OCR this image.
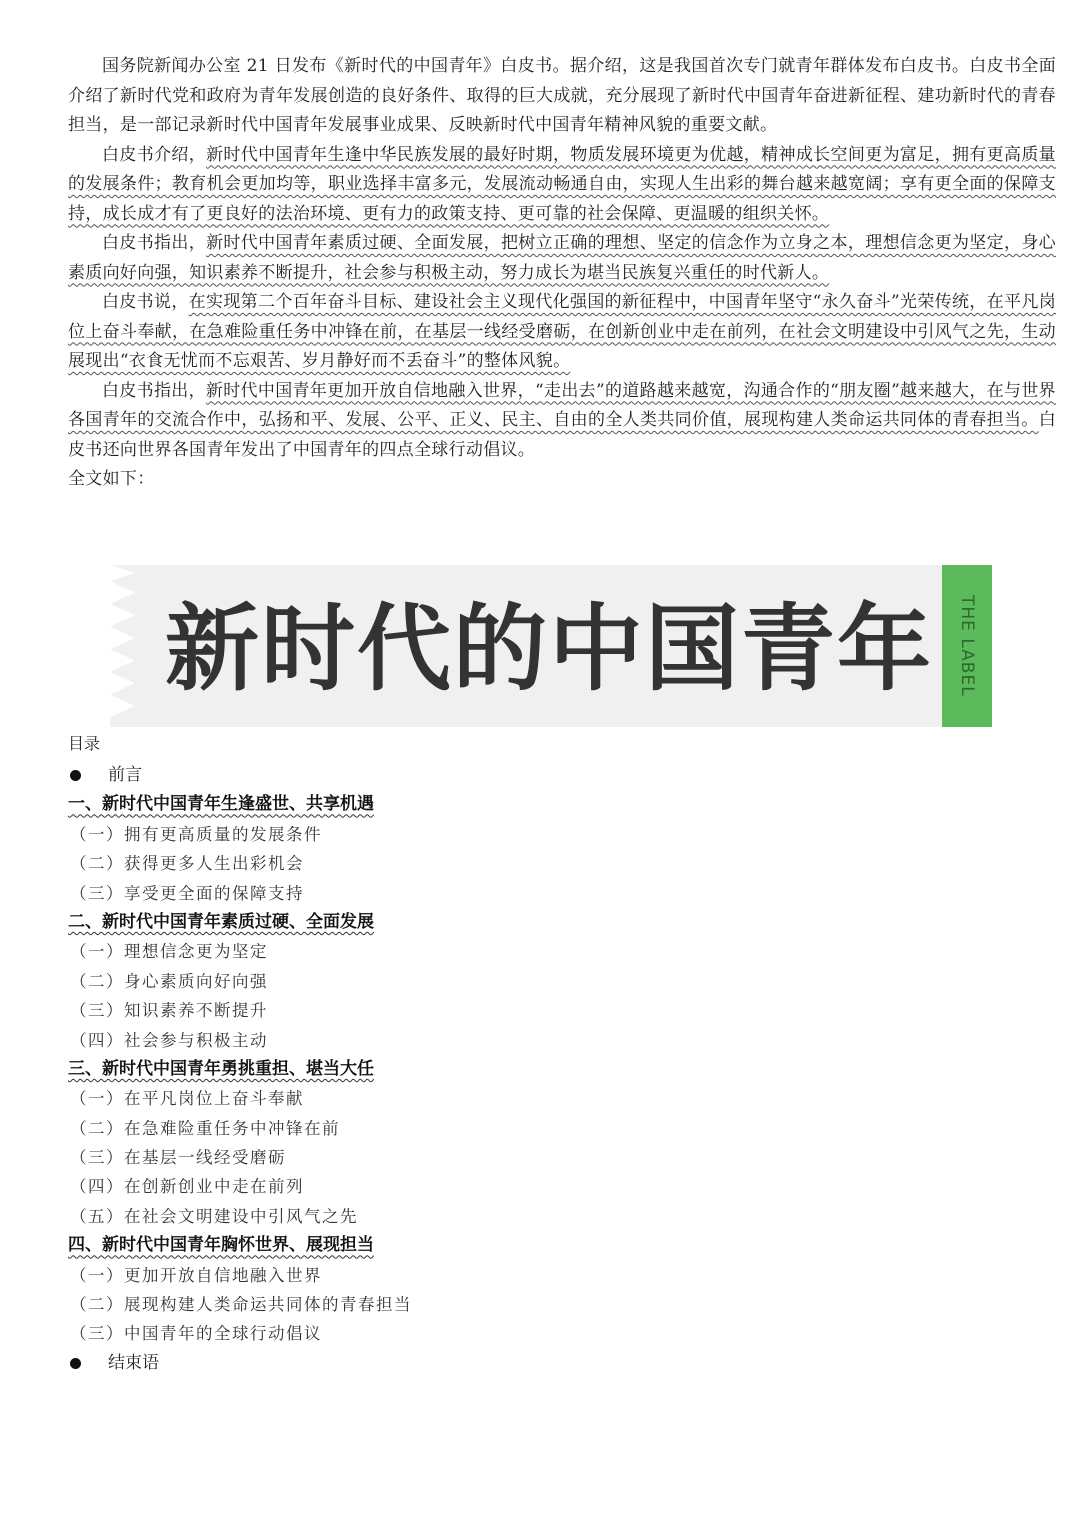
国务院新闻办公室 21 日发布《新时代的中国青年》白皮书。据介绍，这是我国首次专门就青年群体发布白皮书。白皮书全面介绍了新时代党和政府为青年发展创造的良好条件、取得的巨大成就，充分展现了新时代中国青年奋进新征程、建功新时代的青春担当，是一部记录新时代中国青年发展事业成果、反映新时代中国青年精神风貌的重要文献。

白皮书介绍，新时代中国青年生逢中华民族发展的最好时期，物质发展环境更为优越，精神成长空间更为富足，拥有更高质量的发展条件；教育机会更加均等，职业选择丰富多元，发展流动畅通自由，实现人生出彩的舞台越来越宽阔；享有更全面的保障支持，成长成才有了更良好的法治环境、更有力的政策支持、更可靠的社会保障、更温暖的组织关怀。

白皮书指出，新时代中国青年素质过硬、全面发展，把树立正确的理想、坚定的信念作为立身之本，理想信念更为坚定，身心素质向好向强，知识素养不断提升，社会参与积极主动，努力成长为堪当民族复兴重任的时代新人。

白皮书说，在实现第二个百年奋斗目标、建设社会主义现代化强国的新征程中，中国青年坚守“永久奋斗”光荣传统，在平凡岗位上奋斗奉献，在急难险重任务中冲锋在前，在基层一线经受磨砺，在创新创业中走在前列，在社会文明建设中引风气之先，生动展现出“衣食无忧而不忘艰苦、岁月静好而不丢奋斗”的整体风貌。

白皮书指出，新时代中国青年更加开放自信地融入世界，“走出去”的道路越来越宽，沟通合作的“朋友圈”越来越大，在与世界各国青年的交流合作中，弘扬和平、发展、公平、正义、民主、自由的全人类共同价值，展现构建人类命运共同体的青春担当。白皮书还向世界各国青年发出了中国青年的四点全球行动倡议。

全文如下：

新时代的中国青年 THE LABEL
目录
前言
一、新时代中国青年生逢盛世、共享机遇
（一）拥有更高质量的发展条件
（二）获得更多人生出彩机会
（三）享受更全面的保障支持
二、新时代中国青年素质过硬、全面发展
（一）理想信念更为坚定
（二）身心素质向好向强
（三）知识素养不断提升
（四）社会参与积极主动
三、新时代中国青年勇挑重担、堪当大任
（一）在平凡岗位上奋斗奉献
（二）在急难险重任务中冲锋在前
（三）在基层一线经受磨砺
（四）在创新创业中走在前列
（五）在社会文明建设中引风气之先
四、新时代中国青年胸怀世界、展现担当
（一）更加开放自信地融入世界
（二）展现构建人类命运共同体的青春担当
（三）中国青年的全球行动倡议
结束语
